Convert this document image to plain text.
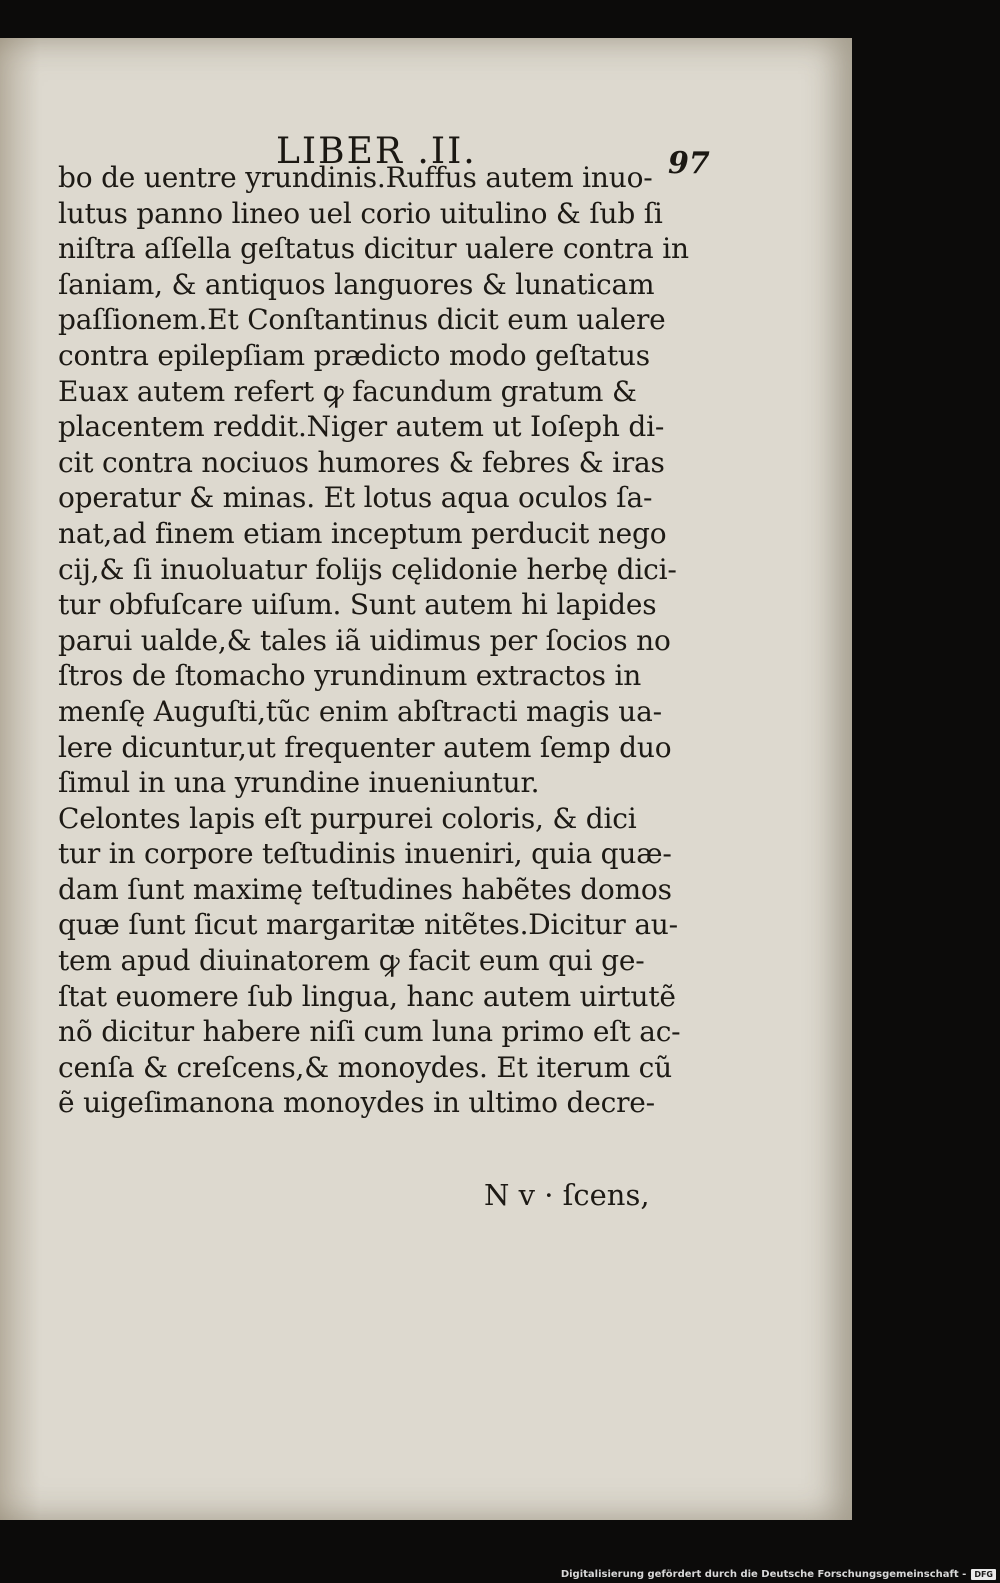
LIBER .II.	97
bo de uentre yrundinis.Ruffus autem inuo-
lutus panno lineo uel corio uitulino & ſub ſi
niſtra aſſella geſtatus dicitur ualere contra in
ſaniam, & antiquos languores & lunaticam
paſſionem.Et Conſtantinus dicit eum ualere
contra epilepſiam prædicto modo geſtatus
Euax autem refert ꝙ facundum gratum &
placentem reddit.Niger autem ut Ioſeph di-
cit contra nociuos humores & febres & iras
operatur & minas. Et lotus aqua oculos ſa-
nat,ad finem etiam inceptum perducit nego
cij,& ſi inuoluatur folijs cęlidonie herbę dici-
tur obfuſcare uiſum. Sunt autem hi lapides
parui ualde,& tales iã uidimus per ſocios no
ſtros de ſtomacho yrundinum extractos in
menſę Auguſti,tũc enim abſtracti magis ua-
lere dicuntur,ut frequenter autem ſemp duo
ſimul in una yrundine inueniuntur.
Celontes lapis eſt purpurei coloris, & dici
tur in corpore teſtudinis inueniri, quia quæ-
dam ſunt maximę teſtudines habẽtes domos
quæ ſunt ſicut margaritæ nitẽtes.Dicitur au-
tem apud diuinatorem ꝙ facit eum qui ge-
ſtat euomere ſub lingua, hanc autem uirtutẽ
nõ dicitur habere niſi cum luna primo eſt ac-
cenſa & creſcens,& monoydes. Et iterum cũ
ẽ uigeſimanona monoydes in ultimo decre-
N v · ſcens,
Digitalisierung gefördert durch die Deutsche Forschungsgemeinschaft -	DFG
